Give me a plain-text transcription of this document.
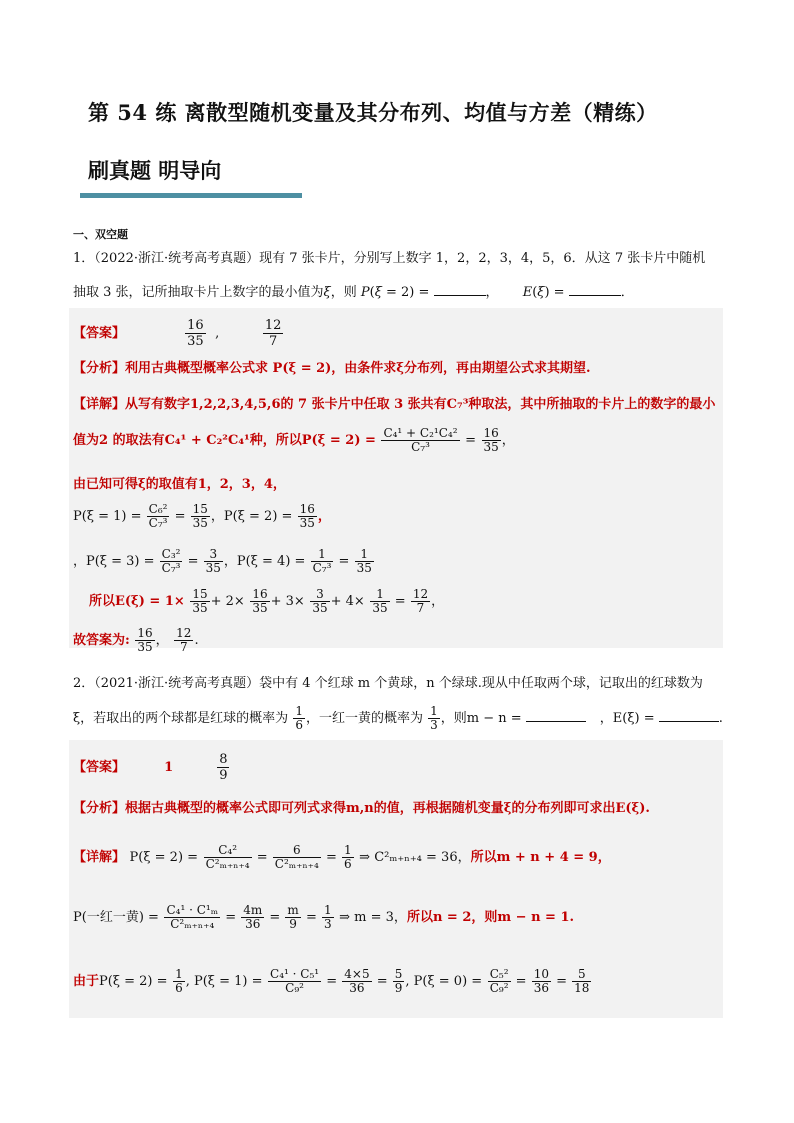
第 54 练 离散型随机变量及其分布列、均值与方差（精练）
刷真题 明导向
一、双空题
1．（2022·浙江·统考高考真题）现有 7 张卡片，分别写上数字 1，2，2，3，4，5，6．从这 7 张卡片中随机
抽取 3 张，记所抽取卡片上数字的最小值为ξ，则 P(ξ = 2) =	， E(ξ) =	．
【答案】	$\frac{16}{35}$ ,	$\frac{12}{7}$
【分析】利用古典概型概率公式求 P(ξ = 2)，由条件求ξ分布列，再由期望公式求其期望.
【详解】从写有数字1,2,2,3,4,5,6的 7 张卡片中任取 3 张共有C₇³种取法，其中所抽取的卡片上的数字的最小
值为2 的取法有C₄¹ + C₂²C₄¹种，所以$P(\xi = 2) = \frac{\text{C₄¹ + C₂¹C₄²}}{\text{C₇³}} = \frac{16}{35}$ ，
由已知可得ξ的取值有1，2，3，4，
$P(\xi = 1) = \frac{\text{C₆²}}{\text{C₇³}} = \frac{15}{35}$ ，$P(\xi = 2) = \frac{16}{35}$ ，
，$P(\xi = 3) = \frac{\text{C₃²}}{\text{C₇³}} = \frac{3}{35}$ ，$P(\xi = 4) = \frac{1}{\text{C₇³}} = \frac{1}{35}$
所以$E(\xi) = 1\times \frac{15}{35} + 2\times \frac{16}{35} + 3\times \frac{3}{35} + 4\times \frac{1}{35} = \frac{12}{7}$ ，
故答案为: $\frac{16}{35}$ ， $\frac{12}{7}$ .
2．（2021·浙江·统考高考真题）袋中有 4 个红球 m 个黄球，n 个绿球.现从中任取两个球，记取出的红球数为
ξ，若取出的两个球都是红球的概率为 $\frac{1}{6}$ ，一红一黄的概率为 $\frac{1}{3}$ ，则m − n =	，E(ξ) =	.
【答案】	1	$\frac{8}{9}$
【分析】根据古典概型的概率公式即可列式求得m,n的值，再根据随机变量ξ的分布列即可求出E(ξ).
【详解】 $P(\xi = 2) = \frac{\text{C₄²}}{\text{C²ₘ₊ₙ₊₄}} = \frac{6}{\text{C²ₘ₊ₙ₊₄}} = \frac{1}{6}$ ⇒ C²ₘ₊ₙ₊₄ = 36，所以m + n + 4 = 9，
P(一红一黄) = $\frac{\text{C₄¹ · C¹ₘ}}{\text{C²ₘ₊ₙ₊₄}} = \frac{4m}{36} = \frac{m}{9} = \frac{1}{3}$ ⇒ m = 3，所以n = 2，则m − n = 1.
由于$P(\xi = 2) = \frac{1}{6}$ , $P(\xi = 1) = \frac{\text{C₄¹ · C₅¹}}{\text{C₉²}} = \frac{4\times 5}{36} = \frac{5}{9}$ , $P(\xi = 0) = \frac{\text{C₅²}}{\text{C₉²}} = \frac{10}{36} = \frac{5}{18}$
